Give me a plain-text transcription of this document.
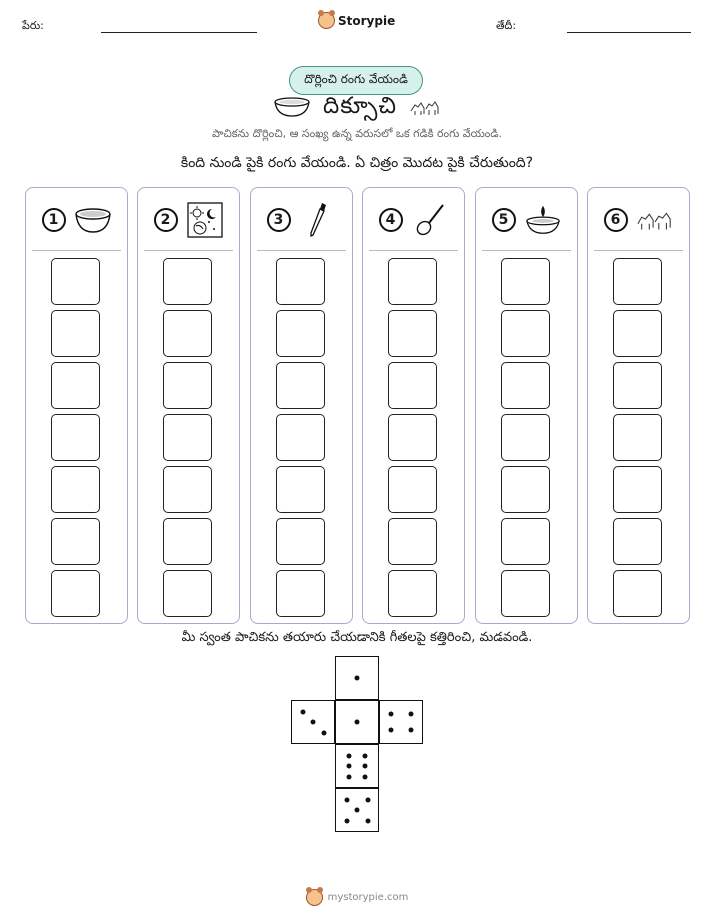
పేరు:	Storypie	తేదీ:
దొర్లించి రంగు వేయండి
దిక్సూచి
పాచికను దొర్లించి, ఆ సంఖ్య ఉన్న వరుసలో ఒక గడికి రంగు వేయండి.
కింది నుండి పైకి రంగు వేయండి. ఏ చిత్రం మొదట పైకి చేరుతుంది?
1	2	3	4	5	6
మీ స్వంత పాచికను తయారు చేయడానికి గీతలపై కత్తిరించి, మడవండి.
mystorypie.com
